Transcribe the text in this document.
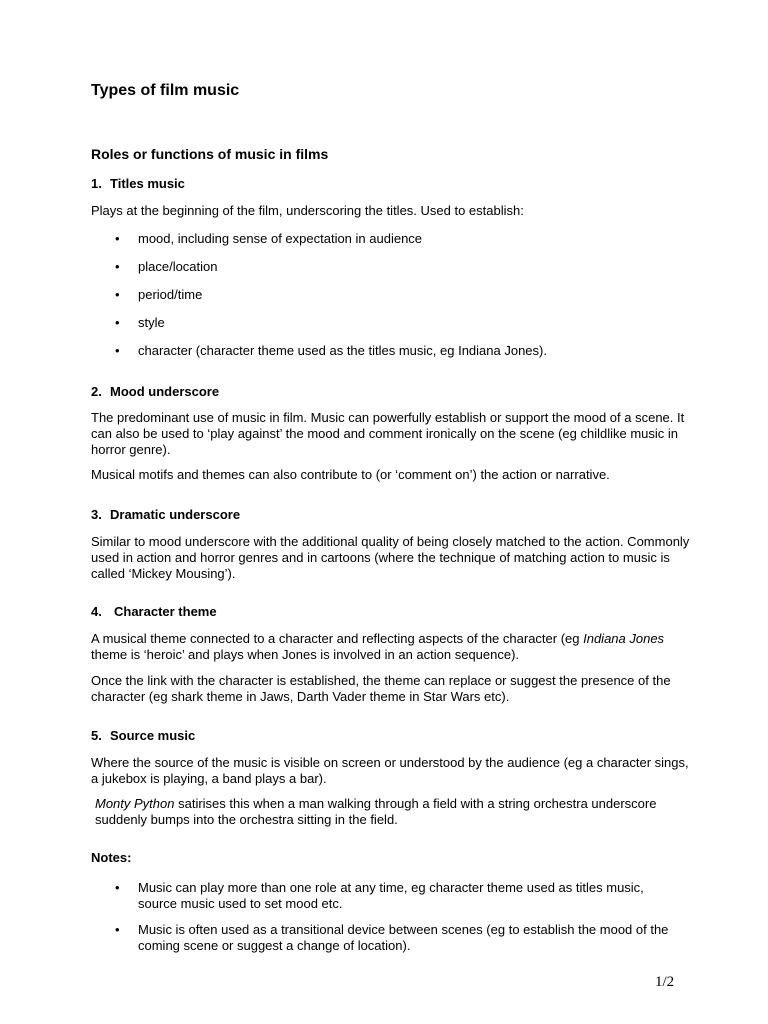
Types of film music
Roles or functions of music in films
1. Titles music

Plays at the beginning of the film, underscoring the titles. Used to establish:

• mood, including sense of expectation in audience
• place/location
• period/time
• style
• character (character theme used as the titles music, eg Indiana Jones).
2. Mood underscore

The predominant use of music in film. Music can powerfully establish or support the mood of a scene. It can also be used to ‘play against’ the mood and comment ironically on the scene (eg childlike music in horror genre).

Musical motifs and themes can also contribute to (or ‘comment on’) the action or narrative.

3. Dramatic underscore

Similar to mood underscore with the additional quality of being closely matched to the action. Commonly used in action and horror genres and in cartoons (where the technique of matching action to music is called ‘Mickey Mousing’).

4. Character theme

A musical theme connected to a character and reflecting aspects of the character (eg Indiana Jones theme is ‘heroic’ and plays when Jones is involved in an action sequence).

Once the link with the character is established, the theme can replace or suggest the presence of the character (eg shark theme in Jaws, Darth Vader theme in Star Wars etc).

5. Source music

Where the source of the music is visible on screen or understood by the audience (eg a character sings, a jukebox is playing, a band plays a bar).

Monty Python satirises this when a man walking through a field with a string orchestra underscore suddenly bumps into the orchestra sitting in the field.

Notes:
• Music can play more than one role at any time, eg character theme used as titles music, source music used to set mood etc.
• Music is often used as a transitional device between scenes (eg to establish the mood of the coming scene or suggest a change of location).
1/2
